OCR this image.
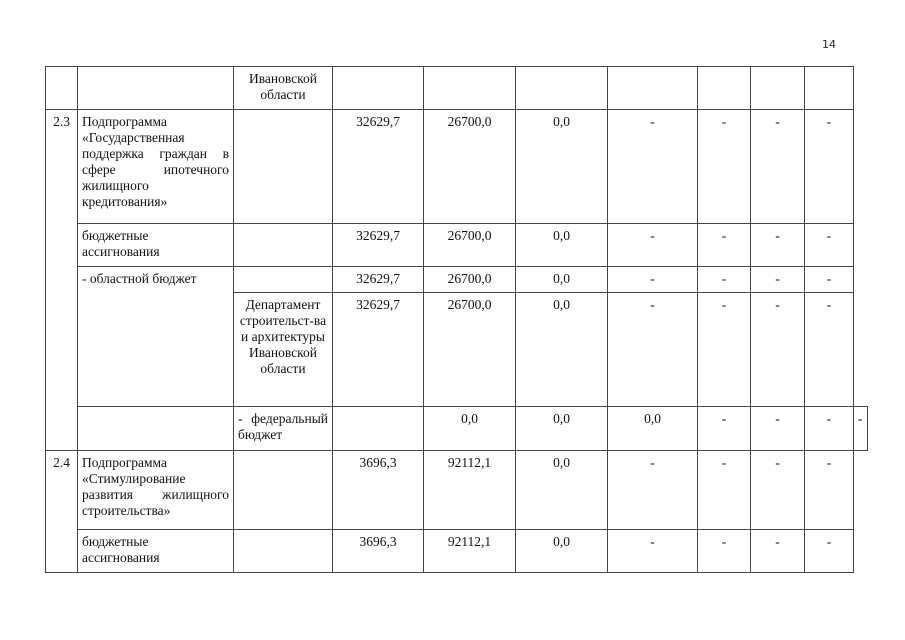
14
		Ивановской области								
2.3	Подпрограмма «Государственная поддержка граждан в сфере ипотечного жилищного кредитования»		32629,7	26700,0	0,0	-	-	-	-	
	бюджетные ассигнования		32629,7	26700,0	0,0	-	-	-	-	
	- областной бюджет		32629,7	26700,0	0,0	-	-	-	-	
		Департамент строительст-ва и архитектуры Ивановской области	32629,7	26700,0	0,0	-	-	-	-	
		- федеральный бюджет		0,0	0,0	0,0	-	-	-	-
2.4	Подпрограмма «Стимулирование развития жилищного строительства»		3696,3	92112,1	0,0	-	-	-	-	
	бюджетные ассигнования		3696,3	92112,1	0,0	-	-	-	-	
